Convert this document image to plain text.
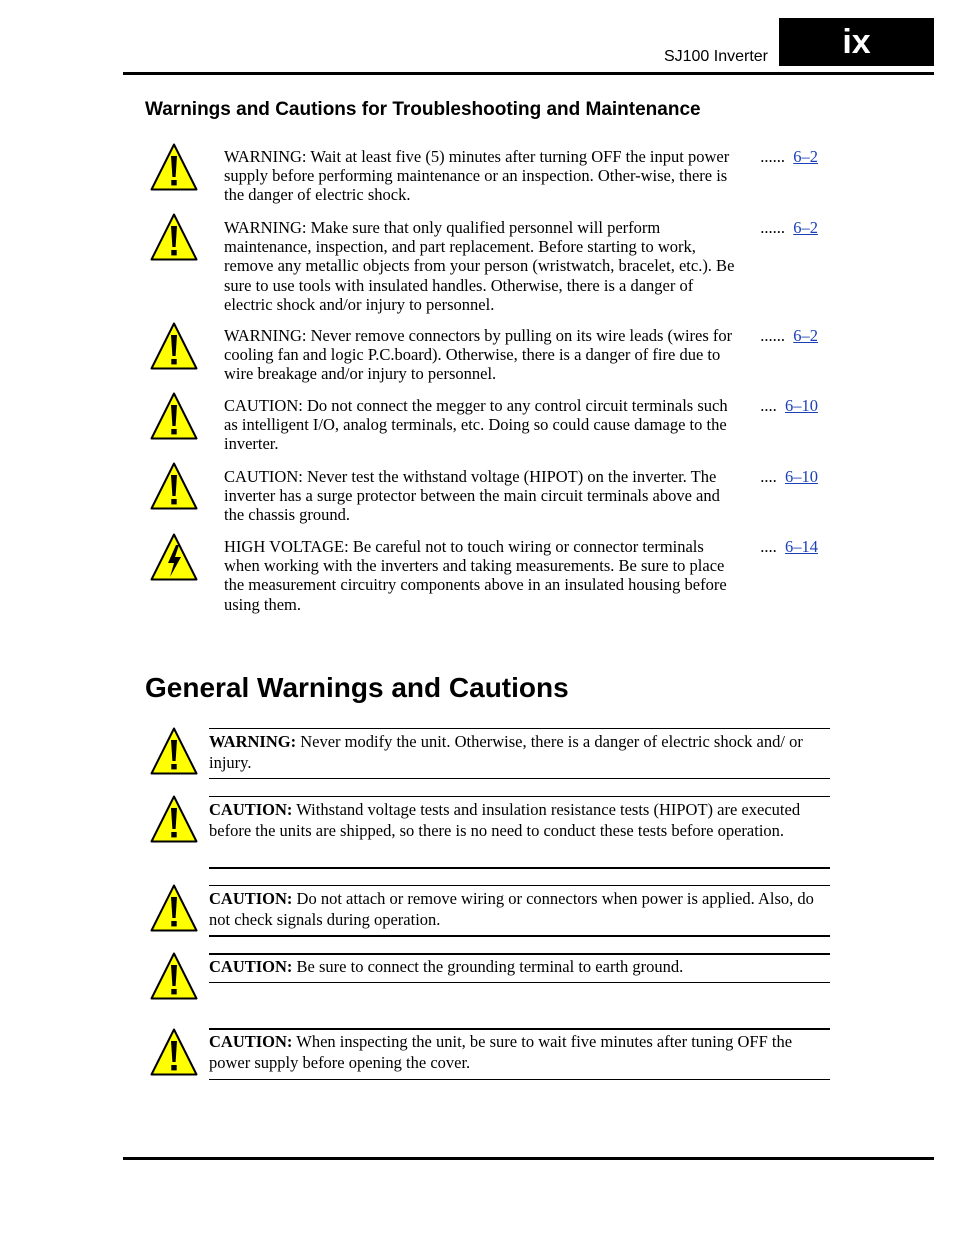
SJ100 Inverter ix
Warnings and Cautions for Troubleshooting and Maintenance
WARNING: Wait at least five (5) minutes after turning OFF the input power supply before performing maintenance or an inspection. Other-wise, there is the danger of electric shock.
...... 6–2
WARNING: Make sure that only qualified personnel will perform maintenance, inspection, and part replacement. Before starting to work, remove any metallic objects from your person (wristwatch, bracelet, etc.). Be sure to use tools with insulated handles. Otherwise, there is a danger of electric shock and/or injury to personnel.
...... 6–2
WARNING: Never remove connectors by pulling on its wire leads (wires for cooling fan and logic P.C.board). Otherwise, there is a danger of fire due to wire breakage and/or injury to personnel.
...... 6–2
CAUTION: Do not connect the megger to any control circuit terminals such as intelligent I/O, analog terminals, etc. Doing so could cause damage to the inverter.
.... 6–10
CAUTION: Never test the withstand voltage (HIPOT) on the inverter. The inverter has a surge protector between the main circuit terminals above and the chassis ground.
.... 6–10
HIGH VOLTAGE: Be careful not to touch wiring or connector terminals when working with the inverters and taking measurements. Be sure to place the measurement circuitry components above in an insulated housing before using them.
.... 6–14
General Warnings and Cautions
WARNING: Never modify the unit. Otherwise, there is a danger of electric shock and/ or injury.
CAUTION: Withstand voltage tests and insulation resistance tests (HIPOT) are executed before the units are shipped, so there is no need to conduct these tests before operation.
CAUTION: Do not attach or remove wiring or connectors when power is applied. Also, do not check signals during operation.
CAUTION: Be sure to connect the grounding terminal to earth ground.
CAUTION: When inspecting the unit, be sure to wait five minutes after tuning OFF the power supply before opening the cover.
